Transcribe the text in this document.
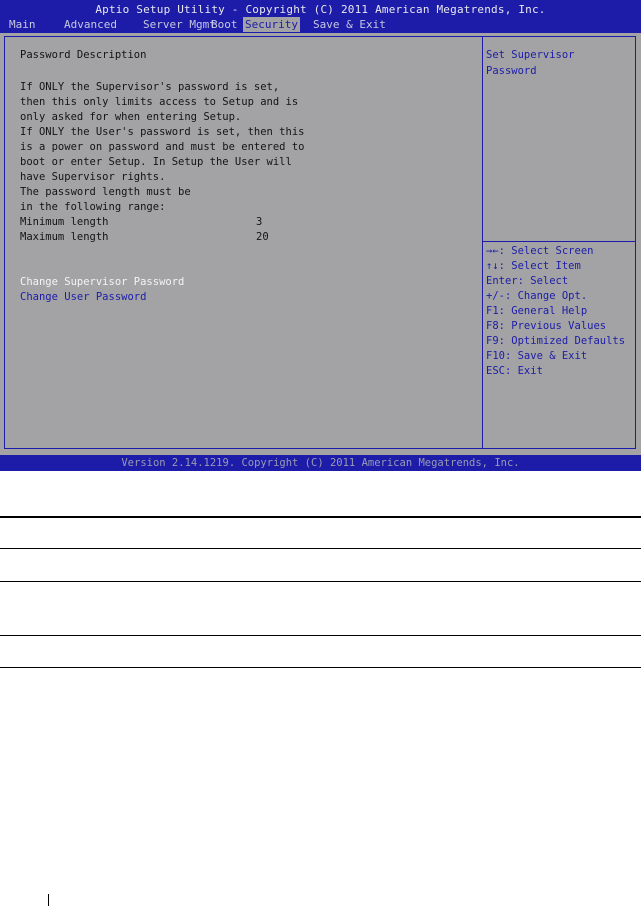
Aptio Setup Utility - Copyright (C) 2011 American Megatrends, Inc.
Main	Advanced Server Mgmt
Boot Security Save & Exit
Password Description
If ONLY the Supervisor's password is set,
then this only limits access to Setup and is
only asked for when entering Setup.
If ONLY the User's password is set, then this
is a power on password and must be entered to
boot or enter Setup. In Setup the User will
have Supervisor rights.
The password length must be
in the following range:
Minimum length	3
Maximum length	20
Change Supervisor Password
Change User Password
Set Supervisor
Password
→←: Select Screen
↑↓: Select Item
Enter: Select
+/-: Change Opt.
F1: General Help
F8: Previous Values
F9: Optimized Defaults
F10: Save & Exit
ESC: Exit
Version 2.14.1219. Copyright (C) 2011 American Megatrends, Inc.
